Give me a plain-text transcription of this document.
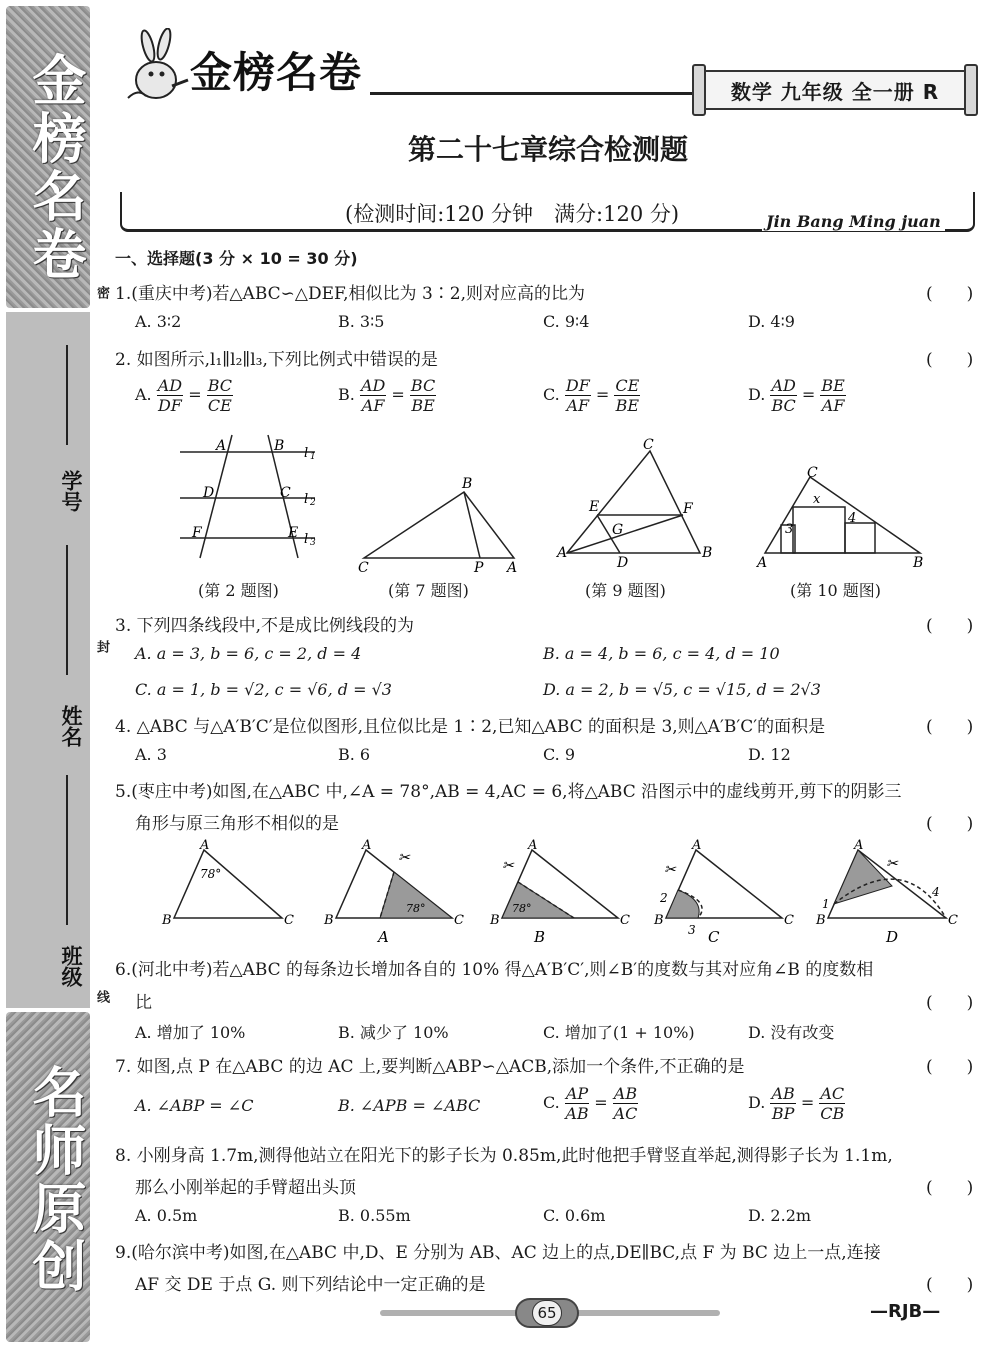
金榜名卷
名师原创
学号
姓名
班级
密
封
线
金榜名卷	数学 九年级 全一册 R
第二十七章综合检测题
(检测时间:120 分钟　满分:120 分)	Jin Bang Ming juan
一、选择题(3 分 × 10 = 30 分)
1.(重庆中考)若△ABC∽△DEF,相似比为 3∶2,则对应高的比为	(　　)
A. 3∶2	B. 3∶5	C. 9∶4	D. 4∶9
2. 如图所示,l₁∥l₂∥l₃,下列比例式中错误的是	(　　)
A. $\frac{AD}{DF} = \frac{BC}{CE}$	B. $\frac{AD}{AF} = \frac{BC}{BE}$	C. $\frac{DF}{AF} = \frac{CE}{BE}$	D. $\frac{AD}{BC} = \frac{BE}{AF}$
A	B
D	C
F	E
l 1
l 2
l 3
C
B
P A
C
E	F
G
A
D
B
C
x
3
4
A	B
(第 2 题图)	(第 7 题图)	(第 9 题图)	(第 10 题图)
3. 下列四条线段中,不是成比例线段的为	(　　)
A. a = 3, b = 6, c = 2, d = 4	B. a = 4, b = 6, c = 4, d = 10
C. a = 1, b = √2, c = √6, d = √3	D. a = 2, b = √5, c = √15, d = 2√3
4. △ABC 与△A′B′C′是位似图形,且位似比是 1∶2,已知△ABC 的面积是 3,则△A′B′C′的面积是	(　　)
A. 3	B. 6	C. 9	D. 12
5.(枣庄中考)如图,在△ABC 中,∠A = 78°,AB = 4,AC = 6,将△ABC 沿图示中的虚线剪开,剪下的阴影三
角形与原三角形不相似的是	(　　)
A
B	C
78°
A
B	C
78°
✂
A
A
B	C
78°
✂
B
A
B	C
2
3
✂
C
A
B	C
1
4
✂
D
6.(河北中考)若△ABC 的每条边长增加各自的 10% 得△A′B′C′,则∠B′的度数与其对应角∠B 的度数相
比	(　　)
A. 增加了 10%	B. 减少了 10%	C. 增加了(1 + 10%)	D. 没有改变
7. 如图,点 P 在△ABC 的边 AC 上,要判断△ABP∽△ACB,添加一个条件,不正确的是	(　　)
A. ∠ABP = ∠C	B. ∠APB = ∠ABC	C. $\frac{AP}{AB} = \frac{AB}{AC}$	D. $\frac{AB}{BP} = \frac{AC}{CB}$
8. 小刚身高 1.7m,测得他站立在阳光下的影子长为 0.85m,此时他把手臂竖直举起,测得影子长为 1.1m,
那么小刚举起的手臂超出头顶	(　　)
A. 0.5m	B. 0.55m	C. 0.6m	D. 2.2m
9.(哈尔滨中考)如图,在△ABC 中,D、E 分别为 AB、AC 边上的点,DE∥BC,点 F 为 BC 边上一点,连接
AF 交 DE 于点 G. 则下列结论中一定正确的是	(　　)
65	—RJB—
